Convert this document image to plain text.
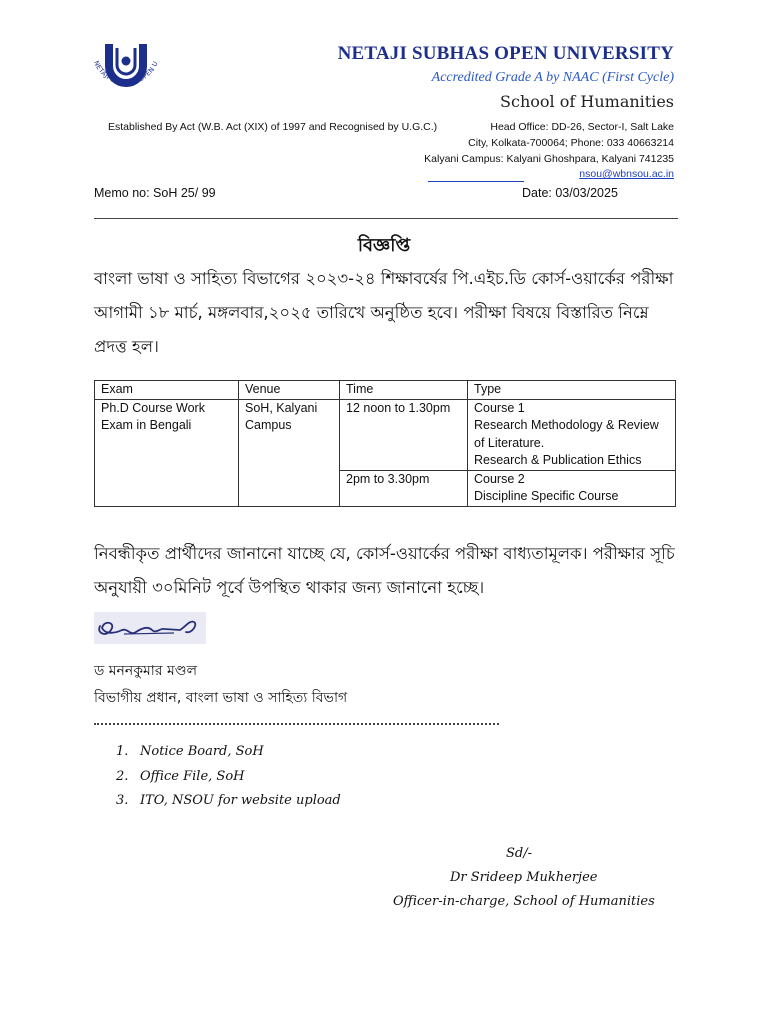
NETAJI SUBHAS OPEN U	NETAJI SUBHAS OPEN UNIVERSITY
Accredited Grade A by NAAC (First Cycle)
School of Humanities
Established By Act (W.B. Act (XIX) of 1997 and Recognised by U.G.C.)	Head Office: DD-26, Sector-I, Salt Lake
City, Kolkata-700064; Phone: 033 40663214
Kalyani Campus: Kalyani Ghoshpara, Kalyani 741235
nsou@wbnsou.ac.in
Memo no: SoH 25/ 99	Date: 03/03/2025
বিজ্ঞপ্তি
বাংলা ভাষা ও সাহিত্য বিভাগের ২০২৩-২৪ শিক্ষাবর্ষের পি.এইচ.ডি কোর্স-ওয়ার্কের পরীক্ষা আগামী ১৮ মার্চ, মঙ্গলবার,২০২৫ তারিখে অনুষ্ঠিত হবে। পরীক্ষা বিষয়ে বিস্তারিত নিম্নে প্রদত্ত হল।
Exam	Venue	Time	Type
Ph.D Course Work Exam in Bengali	SoH, Kalyani Campus	12 noon to 1.30pm	Course 1
Research Methodology & Review of Literature.
Research & Publication Ethics

		2pm to 3.30pm	Course 2
Discipline Specific Course
নিবন্ধীকৃত প্রার্থীদের জানানো যাচ্ছে যে, কোর্স-ওয়ার্কের পরীক্ষা বাধ্যতামূলক। পরীক্ষার সূচি অনুযায়ী ৩০মিনিট পূর্বে উপস্থিত থাকার জন্য জানানো হচ্ছে।
ড মননকুমার মণ্ডল
বিভাগীয় প্রধান, বাংলা ভাষা ও সাহিত্য বিভাগ
1. Notice Board, SoH
2. Office File, SoH
3. ITO, NSOU for website upload
Sd/-
Dr Srideep Mukherjee
Officer-in-charge, School of Humanities
